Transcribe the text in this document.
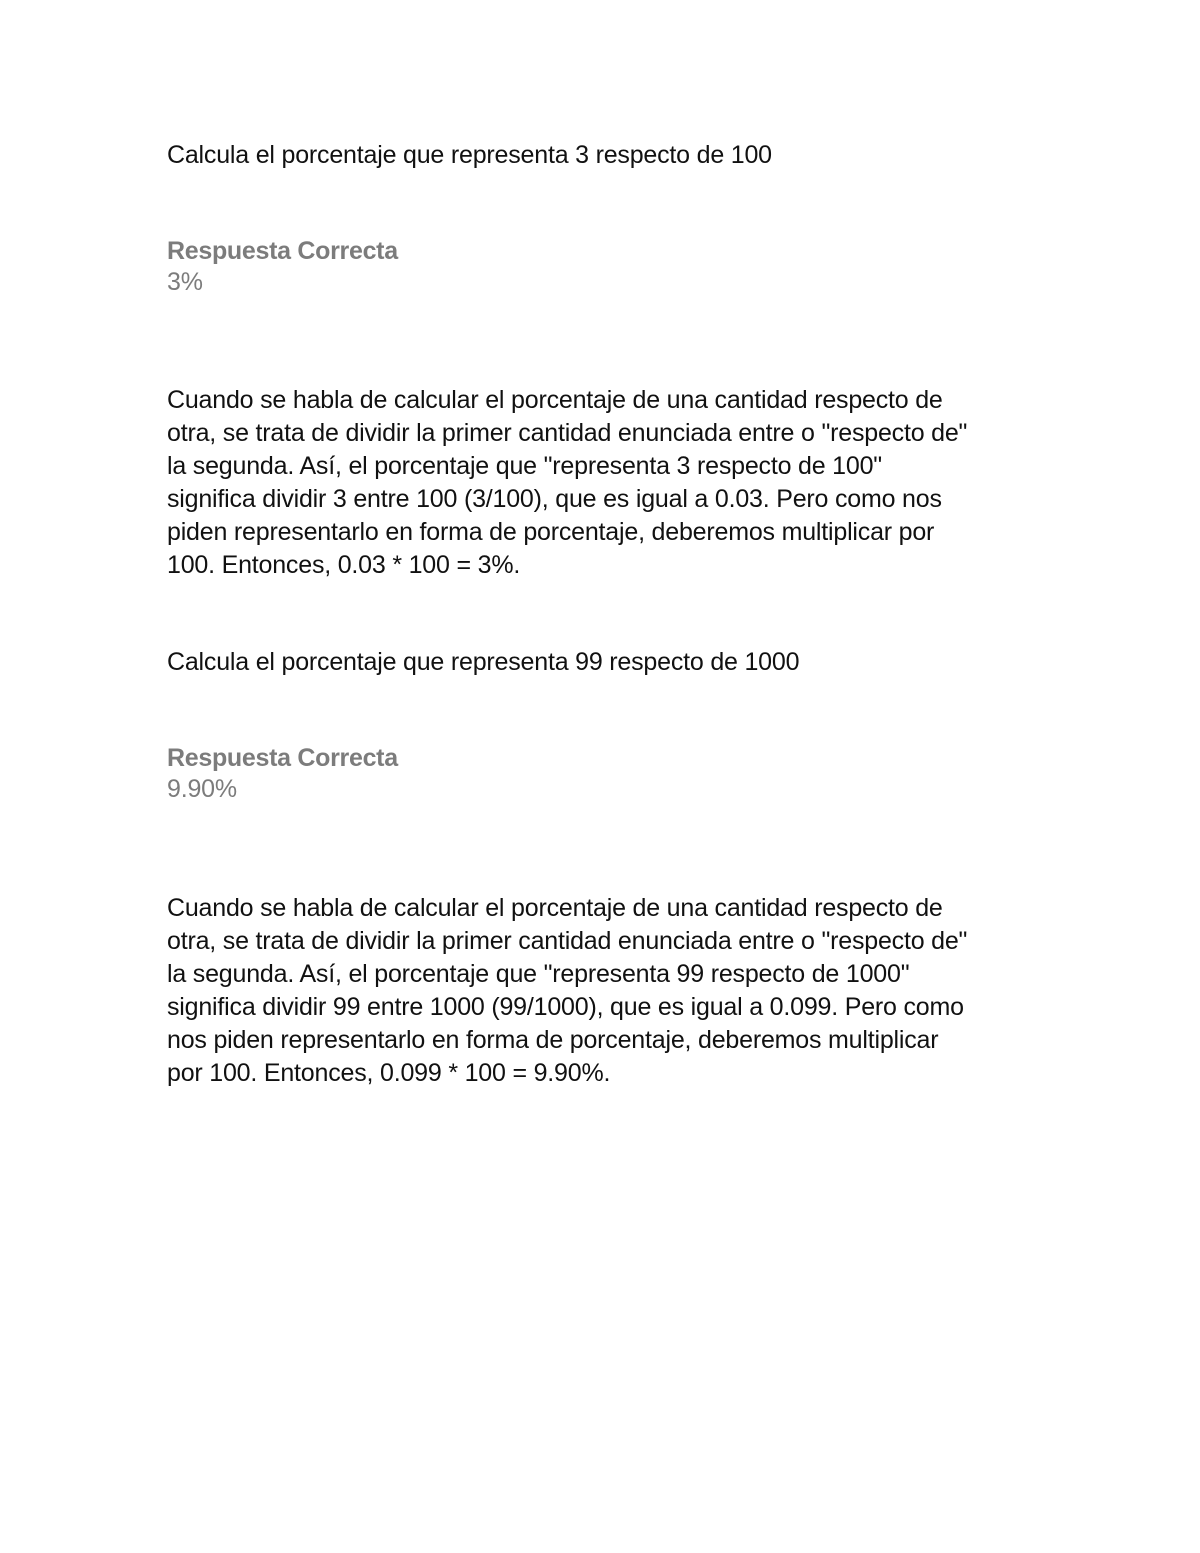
Calcula el porcentaje que representa 3 respecto de 100
Respuesta Correcta
3%
Cuando se habla de calcular el porcentaje de una cantidad respecto de
otra, se trata de dividir la primer cantidad enunciada entre o "respecto de"
la segunda. Así, el porcentaje que "representa 3 respecto de 100"
significa dividir 3 entre 100 (3/100), que es igual a 0.03. Pero como nos
piden representarlo en forma de porcentaje, deberemos multiplicar por
100. Entonces, 0.03 * 100 = 3%.
Calcula el porcentaje que representa 99 respecto de 1000
Respuesta Correcta
9.90%
Cuando se habla de calcular el porcentaje de una cantidad respecto de
otra, se trata de dividir la primer cantidad enunciada entre o "respecto de"
la segunda. Así, el porcentaje que "representa 99 respecto de 1000"
significa dividir 99 entre 1000 (99/1000), que es igual a 0.099. Pero como
nos piden representarlo en forma de porcentaje, deberemos multiplicar
por 100. Entonces, 0.099 * 100 = 9.90%.
